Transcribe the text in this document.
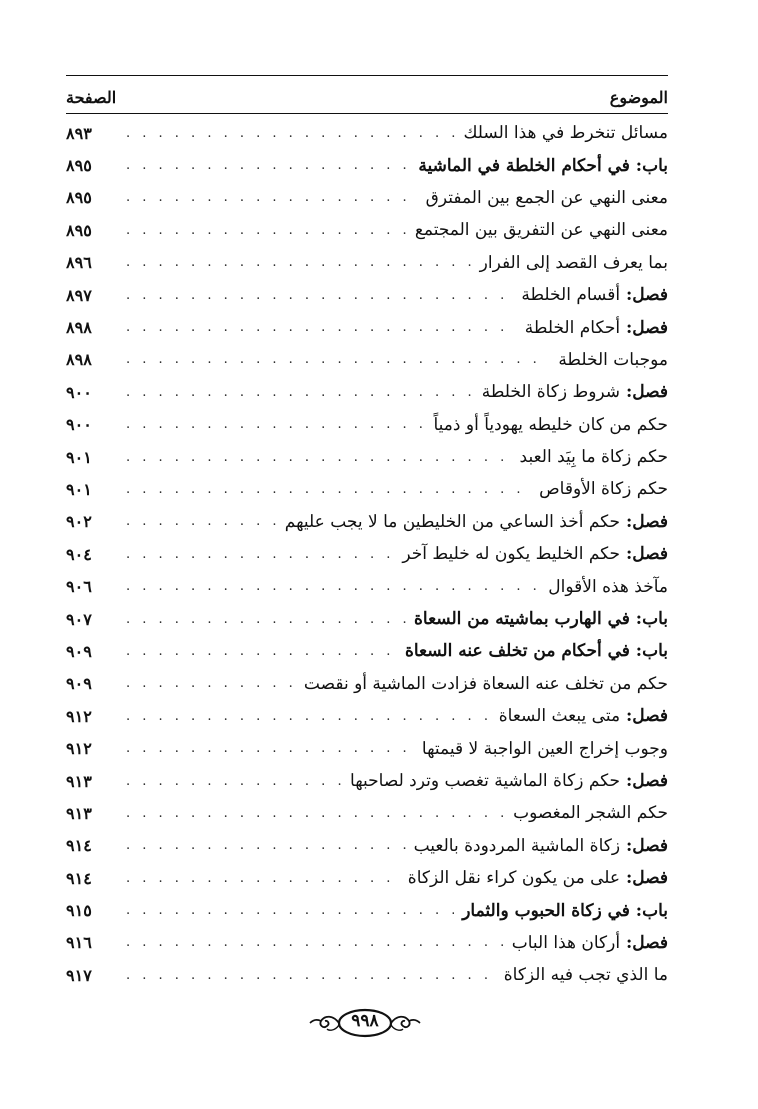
الموضوع
الصفحة
مسائل تنخرط في هذا السلك
. . .
٨٩٣
باب: في أحكام الخلطة في الماشية
. . .
٨٩٥
معنى النهي عن الجمع بين المفترق
. . .
٨٩٥
معنى النهي عن التفريق بين المجتمع
. . .
٨٩٥
بما يعرف القصد إلى الفرار
. . .
٨٩٦
فصل: أقسام الخلطة
. . .
٨٩٧
فصل: أحكام الخلطة
. . .
٨٩٨
موجبات الخلطة
. . .
٨٩٨
فصل: شروط زكاة الخلطة
. . .
٩٠٠
حكم من كان خليطه يهودياً أو ذمياً
. . .
٩٠٠
حكم زكاة ما بِيَد العبد
. . .
٩٠١
حكم زكاة الأوقاص
. . .
٩٠١
فصل: حكم أخذ الساعي من الخليطين ما لا يجب عليهم
. . .
٩٠٢
فصل: حكم الخليط يكون له خليط آخر
. . .
٩٠٤
مآخذ هذه الأقوال
. . .
٩٠٦
باب: في الهارب بماشيته من السعاة
. . .
٩٠٧
باب: في أحكام من تخلف عنه السعاة
. . .
٩٠٩
حكم من تخلف عنه السعاة فزادت الماشية أو نقصت
. . .
٩٠٩
فصل: متى يبعث السعاة
. . .
٩١٢
وجوب إخراج العين الواجبة لا قيمتها
. . .
٩١٢
فصل: حكم زكاة الماشية تغصب وترد لصاحبها
. . .
٩١٣
حكم الشجر المغصوب
. . .
٩١٣
فصل: زكاة الماشية المردودة بالعيب
. . .
٩١٤
فصل: على من يكون كراء نقل الزكاة
. . .
٩١٤
باب: في زكاة الحبوب والثمار
. . .
٩١٥
فصل: أركان هذا الباب
. . .
٩١٦
ما الذي تجب فيه الزكاة
. . .
٩١٧
٩٩٨
